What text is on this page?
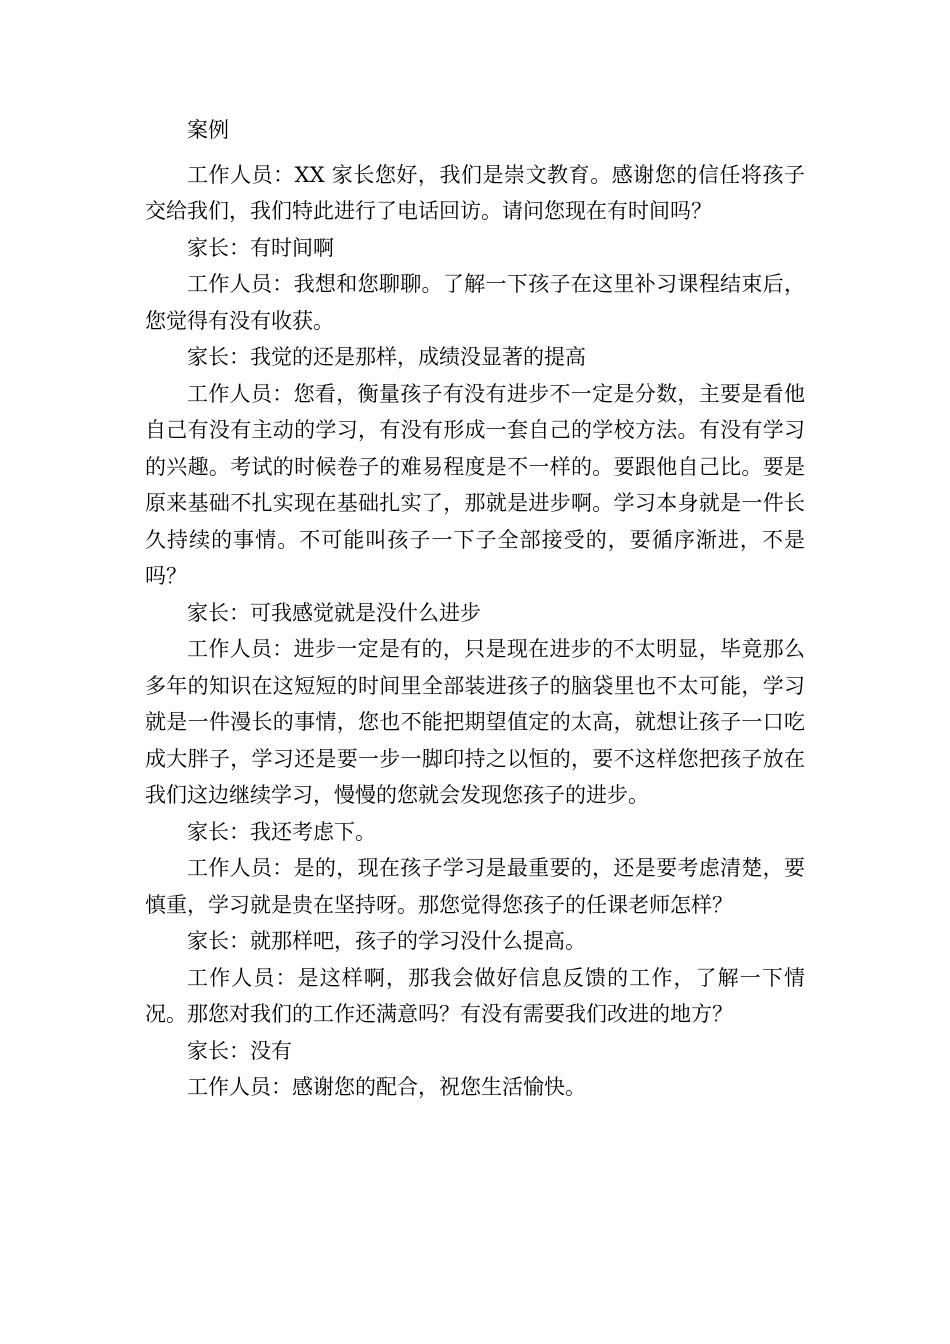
案例

工作人员：XX 家长您好，我们是崇文教育。感谢您的信任将孩子交给我们，我们特此进行了电话回访。请问您现在有时间吗？

家长：有时间啊

工作人员：我想和您聊聊。了解一下孩子在这里补习课程结束后，您觉得有没有收获。

家长：我觉的还是那样，成绩没显著的提高

工作人员：您看，衡量孩子有没有进步不一定是分数，主要是看他自己有没有主动的学习，有没有形成一套自己的学校方法。有没有学习的兴趣。考试的时候卷子的难易程度是不一样的。要跟他自己比。要是原来基础不扎实现在基础扎实了，那就是进步啊。学习本身就是一件长久持续的事情。不可能叫孩子一下子全部接受的，要循序渐进，不是吗？

家长：可我感觉就是没什么进步

工作人员：进步一定是有的，只是现在进步的不太明显，毕竟那么多年的知识在这短短的时间里全部装进孩子的脑袋里也不太可能，学习就是一件漫长的事情，您也不能把期望值定的太高，就想让孩子一口吃成大胖子，学习还是要一步一脚印持之以恒的，要不这样您把孩子放在我们这边继续学习，慢慢的您就会发现您孩子的进步。

家长：我还考虑下。

工作人员：是的，现在孩子学习是最重要的，还是要考虑清楚，要慎重，学习就是贵在坚持呀。那您觉得您孩子的任课老师怎样？

家长：就那样吧，孩子的学习没什么提高。

工作人员：是这样啊，那我会做好信息反馈的工作，了解一下情况。那您对我们的工作还满意吗？有没有需要我们改进的地方？

家长：没有

工作人员：感谢您的配合，祝您生活愉快。
